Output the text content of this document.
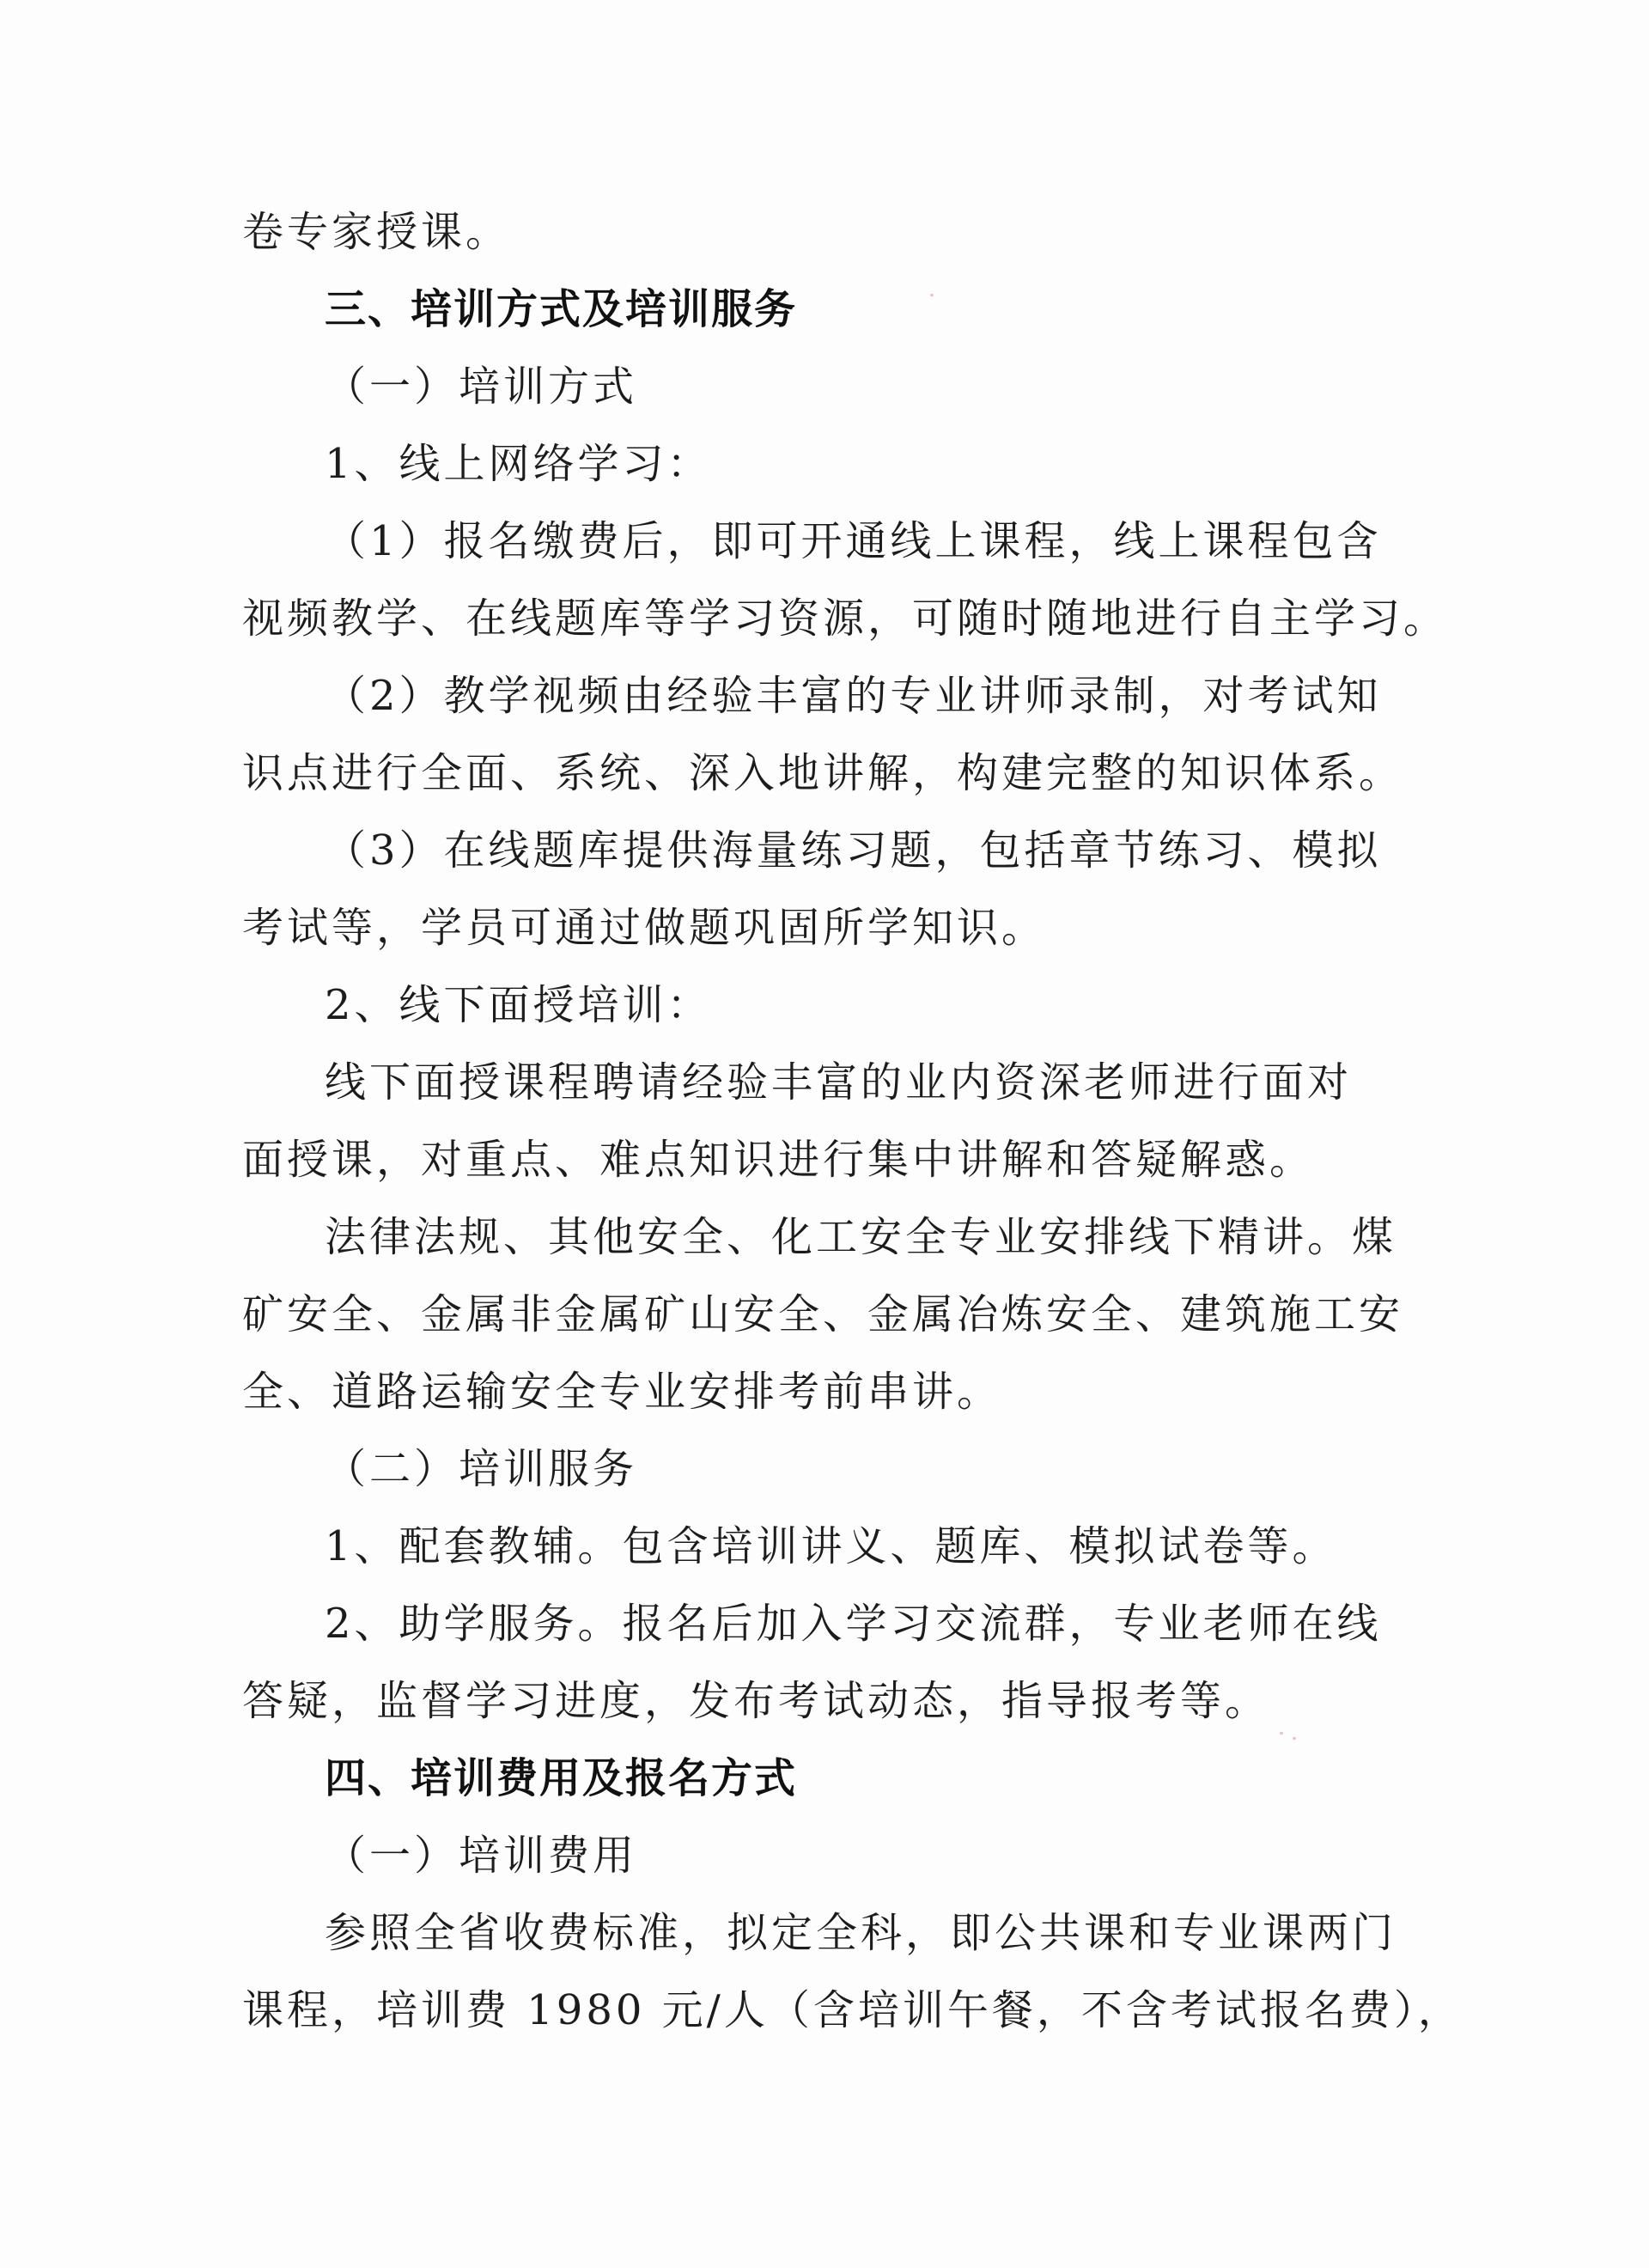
卷专家授课。
三、培训方式及培训服务
（一）培训方式
1、线上网络学习：
（1）报名缴费后，即可开通线上课程，线上课程包含
视频教学、在线题库等学习资源，可随时随地进行自主学习。
（2）教学视频由经验丰富的专业讲师录制，对考试知
识点进行全面、系统、深入地讲解，构建完整的知识体系。
（3）在线题库提供海量练习题，包括章节练习、模拟
考试等，学员可通过做题巩固所学知识。
2、线下面授培训：
线下面授课程聘请经验丰富的业内资深老师进行面对
面授课，对重点、难点知识进行集中讲解和答疑解惑。
法律法规、其他安全、化工安全专业安排线下精讲。煤
矿安全、金属非金属矿山安全、金属冶炼安全、建筑施工安
全、道路运输安全专业安排考前串讲。
（二）培训服务
1、配套教辅。包含培训讲义、题库、模拟试卷等。
2、助学服务。报名后加入学习交流群，专业老师在线
答疑，监督学习进度，发布考试动态，指导报考等。
四、培训费用及报名方式
（一）培训费用
参照全省收费标准，拟定全科，即公共课和专业课两门
课程，培训费 1980 元/人（含培训午餐，不含考试报名费），
